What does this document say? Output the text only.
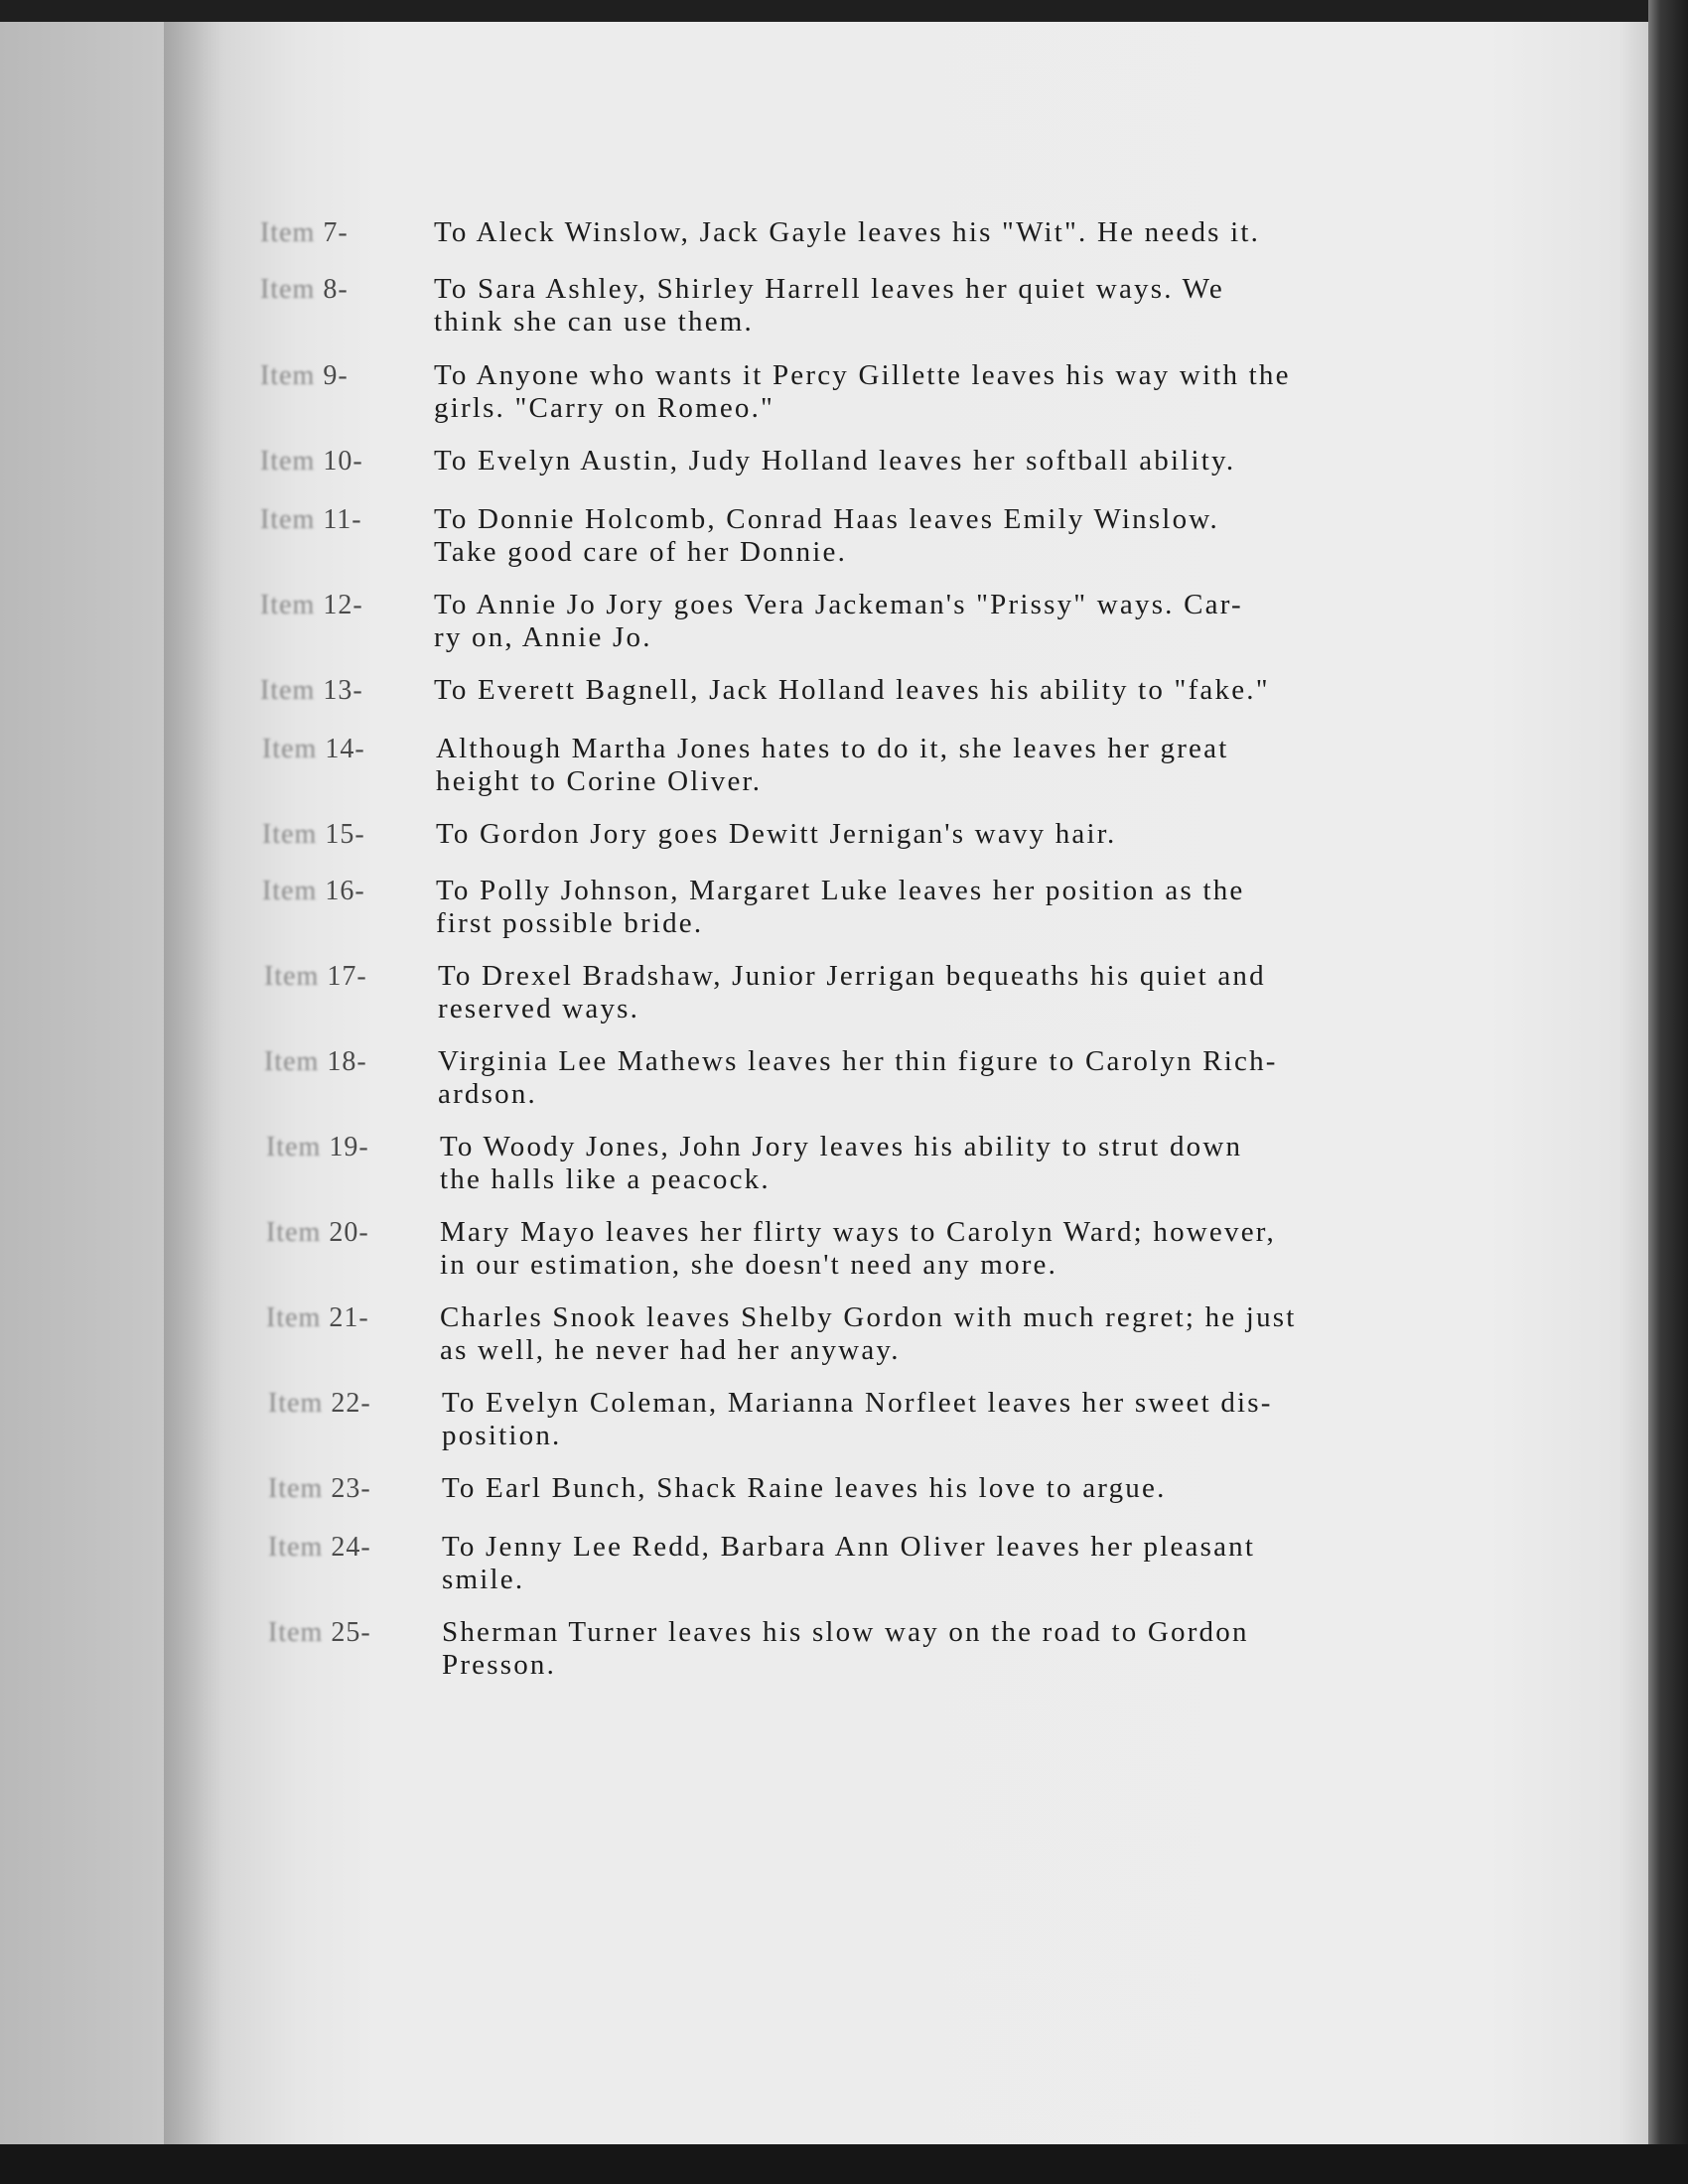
Item 7-	To Aleck Winslow, Jack Gayle leaves his "Wit". He needs it.
Item 8-	To Sara Ashley, Shirley Harrell leaves her quiet ways. We
think she can use them.
Item 9-	To Anyone who wants it Percy Gillette leaves his way with the
girls. "Carry on Romeo."
Item 10-	To Evelyn Austin, Judy Holland leaves her softball ability.
Item 11-	To Donnie Holcomb, Conrad Haas leaves Emily Winslow.
Take good care of her Donnie.
Item 12-	To Annie Jo Jory goes Vera Jackeman's "Prissy" ways. Car-
ry on, Annie Jo.
Item 13-	To Everett Bagnell, Jack Holland leaves his ability to "fake."
Item 14-	Although Martha Jones hates to do it, she leaves her great
height to Corine Oliver.
Item 15-	To Gordon Jory goes Dewitt Jernigan's wavy hair.
Item 16-	To Polly Johnson, Margaret Luke leaves her position as the
first possible bride.
Item 17-	To Drexel Bradshaw, Junior Jerrigan bequeaths his quiet and
reserved ways.
Item 18-	Virginia Lee Mathews leaves her thin figure to Carolyn Rich-
ardson.
Item 19-	To Woody Jones, John Jory leaves his ability to strut down
the halls like a peacock.
Item 20-	Mary Mayo leaves her flirty ways to Carolyn Ward; however,
in our estimation, she doesn't need any more.
Item 21-	Charles Snook leaves Shelby Gordon with much regret; he just
as well, he never had her anyway.
Item 22-	To Evelyn Coleman, Marianna Norfleet leaves her sweet dis-
position.
Item 23-	To Earl Bunch, Shack Raine leaves his love to argue.
Item 24-	To Jenny Lee Redd, Barbara Ann Oliver leaves her pleasant
smile.
Item 25-	Sherman Turner leaves his slow way on the road to Gordon
Presson.
